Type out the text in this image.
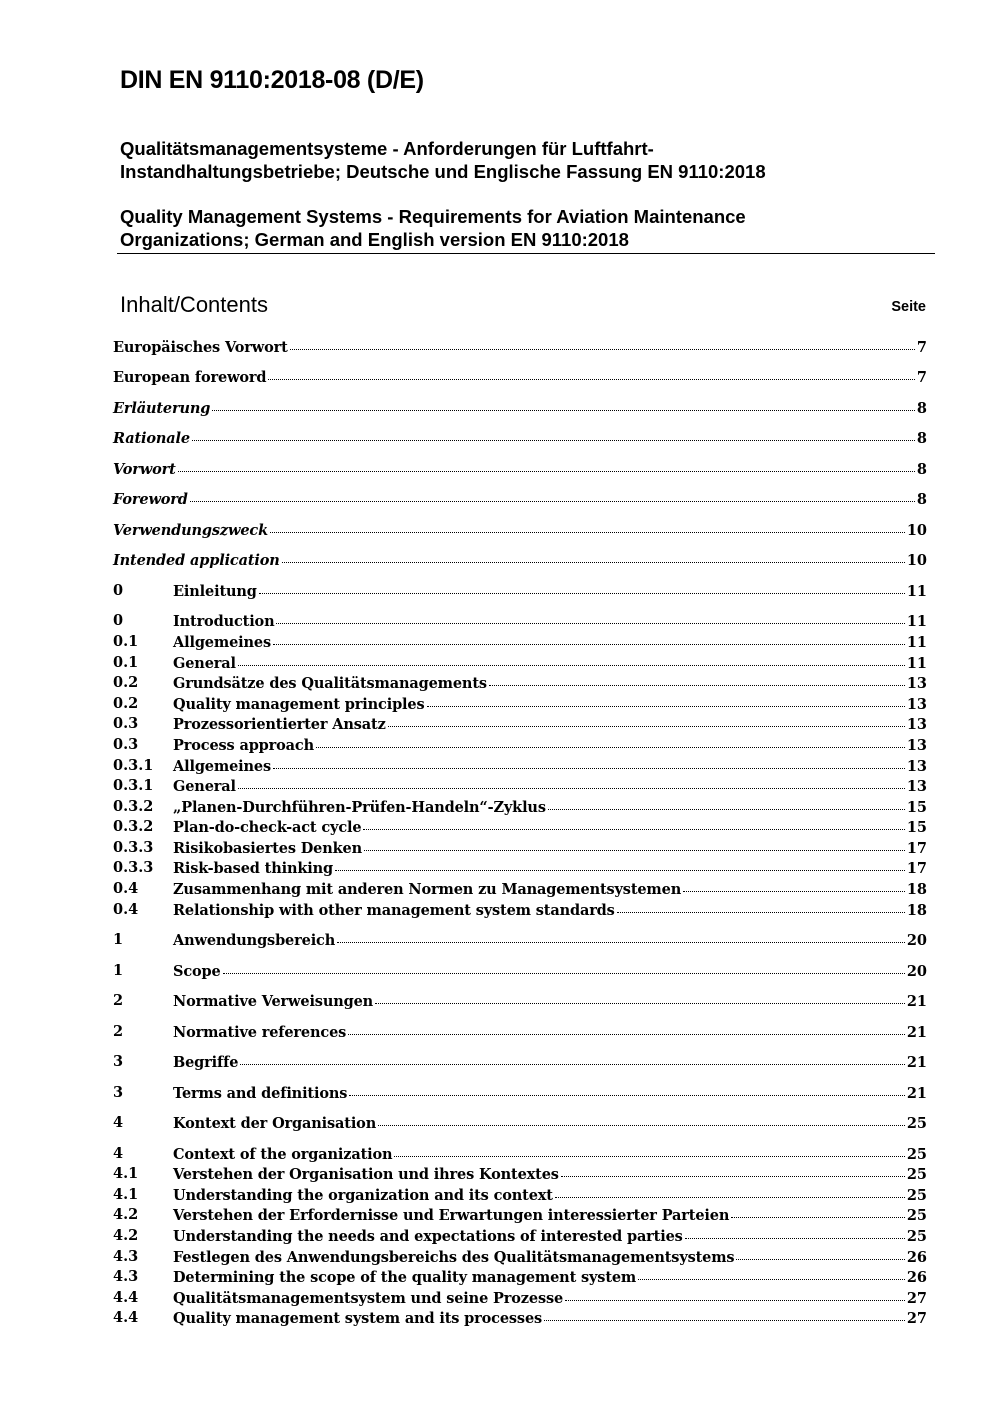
DIN EN 9110:2018-08 (D/E)
Qualitätsmanagementsysteme - Anforderungen für Luftfahrt-
Instandhaltungsbetriebe; Deutsche und Englische Fassung EN 9110:2018
Quality Management Systems - Requirements for Aviation Maintenance
Organizations; German and English version EN 9110:2018
Inhalt/Contents	Seite
Europäisches Vorwort	7
European foreword	7
Erläuterung	8
Rationale	8
Vorwort	8
Foreword	8
Verwendungszweck	10
Intended application	10
0	Einleitung	11
0	Introduction	11
0.1	Allgemeines	11
0.1	General	11
0.2	Grundsätze des Qualitätsmanagements	13
0.2	Quality management principles	13
0.3	Prozessorientierter Ansatz	13
0.3	Process approach	13
0.3.1	Allgemeines	13
0.3.1	General	13
0.3.2	„Planen-Durchführen-Prüfen-Handeln“-Zyklus	15
0.3.2	Plan-do-check-act cycle	15
0.3.3	Risikobasiertes Denken	17
0.3.3	Risk-based thinking	17
0.4	Zusammenhang mit anderen Normen zu Managementsystemen	18
0.4	Relationship with other management system standards	18
1	Anwendungsbereich	20
1	Scope	20
2	Normative Verweisungen	21
2	Normative references	21
3	Begriffe	21
3	Terms and definitions	21
4	Kontext der Organisation	25
4	Context of the organization	25
4.1	Verstehen der Organisation und ihres Kontextes	25
4.1	Understanding the organization and its context	25
4.2	Verstehen der Erfordernisse und Erwartungen interessierter Parteien	25
4.2	Understanding the needs and expectations of interested parties	25
4.3	Festlegen des Anwendungsbereichs des Qualitätsmanagementsystems	26
4.3	Determining the scope of the quality management system	26
4.4	Qualitätsmanagementsystem und seine Prozesse	27
4.4	Quality management system and its processes	27
